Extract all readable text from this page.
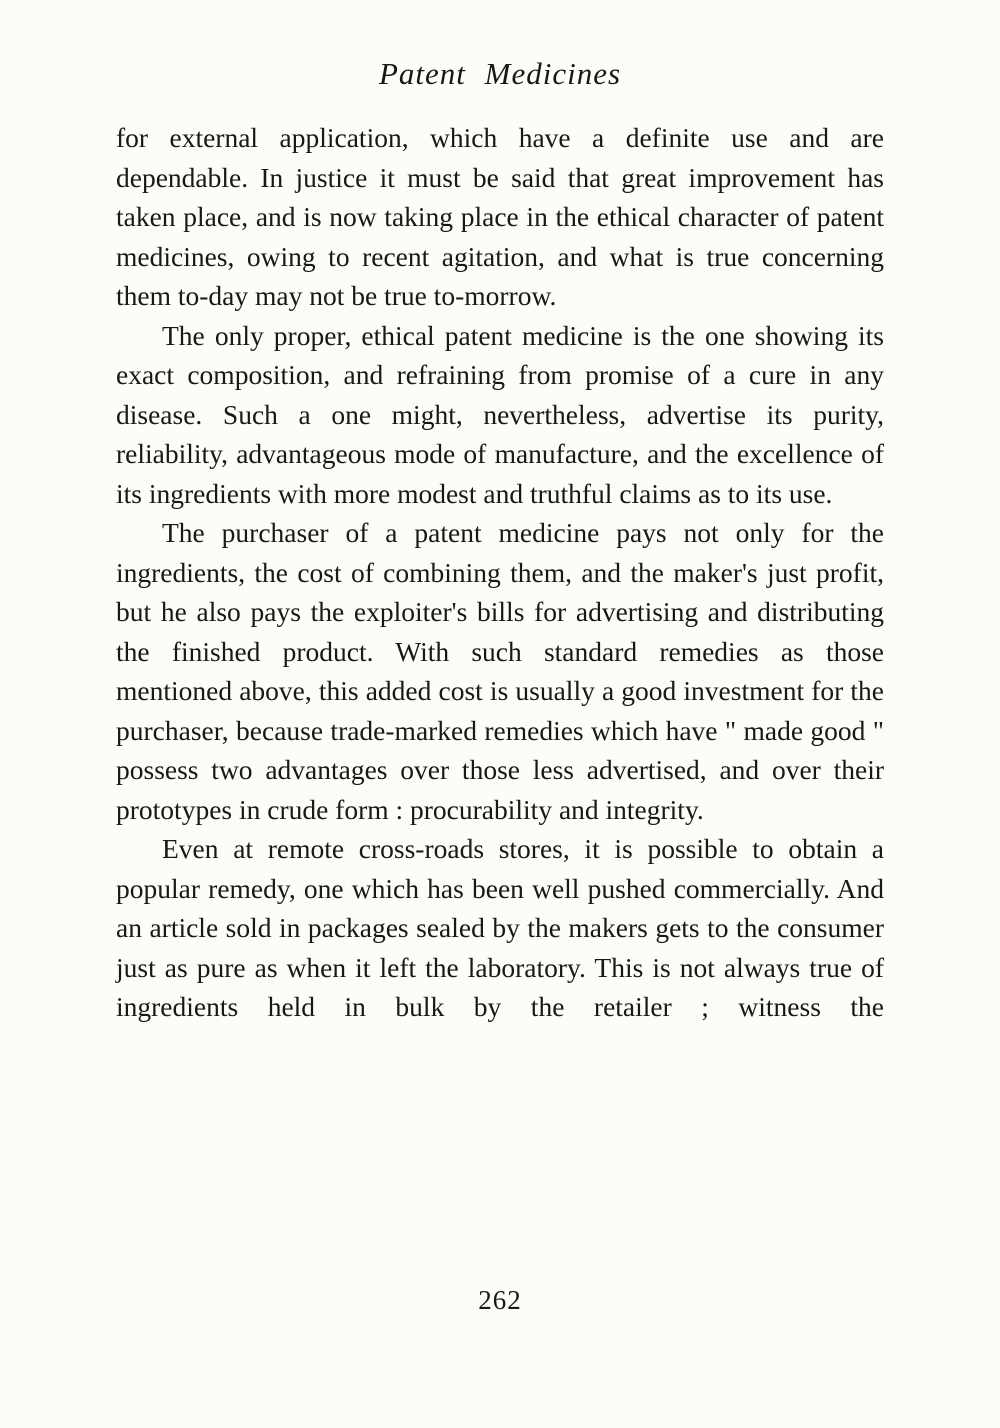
Patent Medicines

for external application, which have a definite use and are dependable. In justice it must be said that great improvement has taken place, and is now taking place in the ethical character of patent medicines, owing to recent agitation, and what is true concerning them to-day may not be true to-morrow.

The only proper, ethical patent medicine is the one showing its exact composition, and refraining from promise of a cure in any disease. Such a one might, nevertheless, advertise its purity, reliability, advantageous mode of manufacture, and the excellence of its ingredients with more modest and truthful claims as to its use.

The purchaser of a patent medicine pays not only for the ingredients, the cost of combining them, and the maker's just profit, but he also pays the exploiter's bills for advertising and distributing the finished product. With such standard remedies as those mentioned above, this added cost is usually a good investment for the purchaser, because trade-marked remedies which have " made good " possess two advantages over those less advertised, and over their prototypes in crude form : procurability and integrity.

Even at remote cross-roads stores, it is possible to obtain a popular remedy, one which has been well pushed commercially. And an article sold in packages sealed by the makers gets to the consumer just as pure as when it left the laboratory. This is not always true of ingredients held in bulk by the retailer ; witness the

262
